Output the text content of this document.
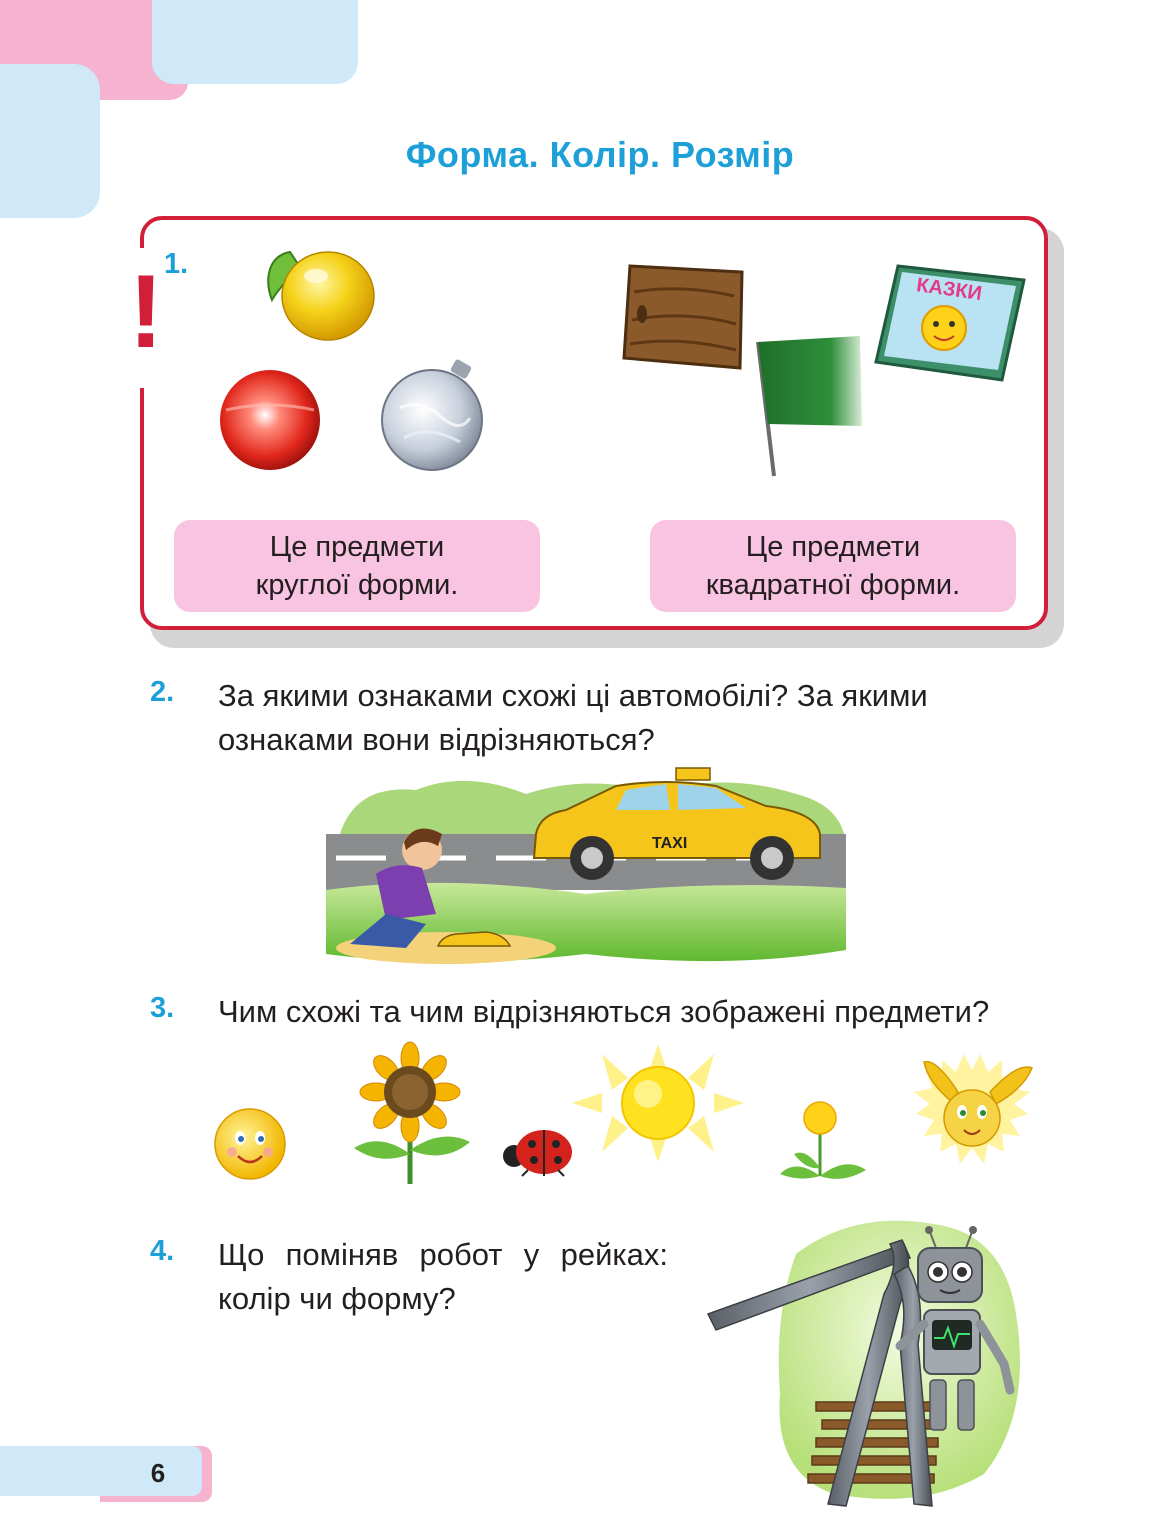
Форма. Колір. Розмір
! 1.
КАЗКИ
Це предмети
круглої форми.
Це предмети
квадратної форми.
2. За якими ознаками схожі ці автомобілі? За якими ознаками вони відрізняються?
TAXI
3. Чим схожі та чим відрізняються зображені предмети?
4. Що поміняв робот у рейках: колір чи форму?
6
